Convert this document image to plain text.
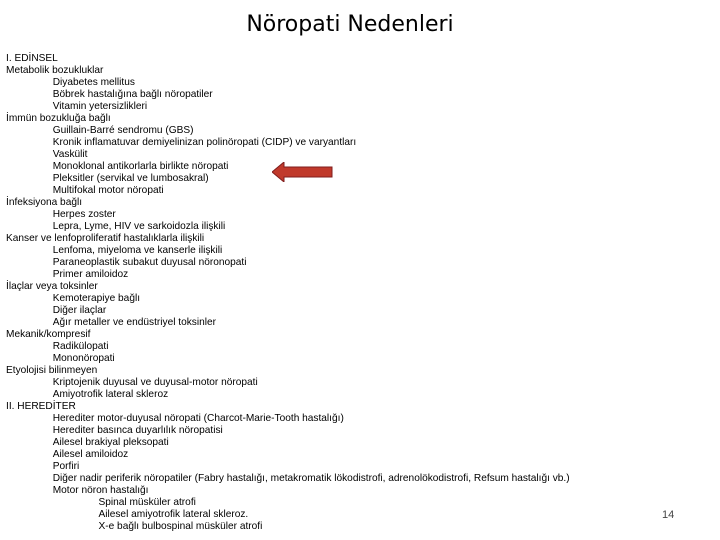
Nöropati Nedenleri
I. EDİNSEL
Metabolik bozukluklar
Diyabetes mellitus
Böbrek hastalığına bağlı nöropatiler
Vitamin yetersizlikleri
İmmün bozukluğa bağlı
Guillain-Barré sendromu (GBS)
Kronik inflamatuvar demiyelinizan polinöropati (CIDP) ve varyantları
Vaskülit
Monoklonal antikorlarla birlikte nöropati
Pleksitler (servikal ve lumbosakral)
Multifokal motor nöropati
İnfeksiyona bağlı
Herpes zoster
Lepra, Lyme, HIV ve sarkoidozla ilişkili
Kanser ve lenfoproliferatif hastalıklarla ilişkili
Lenfoma, miyeloma ve kanserle ilişkili
Paraneoplastik subakut duyusal nöronopati
Primer amiloidoz
İlaçlar veya toksinler
Kemoterapiye bağlı
Diğer ilaçlar
Ağır metaller ve endüstriyel toksinler
Mekanik/kompresif
Radikülopati
Mononöropati
Etyolojisi bilinmeyen
Kriptojenik duyusal ve duyusal-motor nöropati
Amiyotrofik lateral skleroz
II. HEREDİTER
Herediter motor-duyusal nöropati (Charcot-Marie-Tooth hastalığı)
Herediter basınca duyarlılık nöropatisi
Ailesel brakiyal pleksopati
Ailesel amiloidoz
Porfiri
Diğer nadir periferik nöropatiler (Fabry hastalığı, metakromatik lökodistrofi, adrenolökodistrofi, Refsum hastalığı vb.)
Motor nöron hastalığı
Spinal müsküler atrofi
Ailesel amiyotrofik lateral skleroz.
X-e bağlı bulbospinal müsküler atrofi
14
